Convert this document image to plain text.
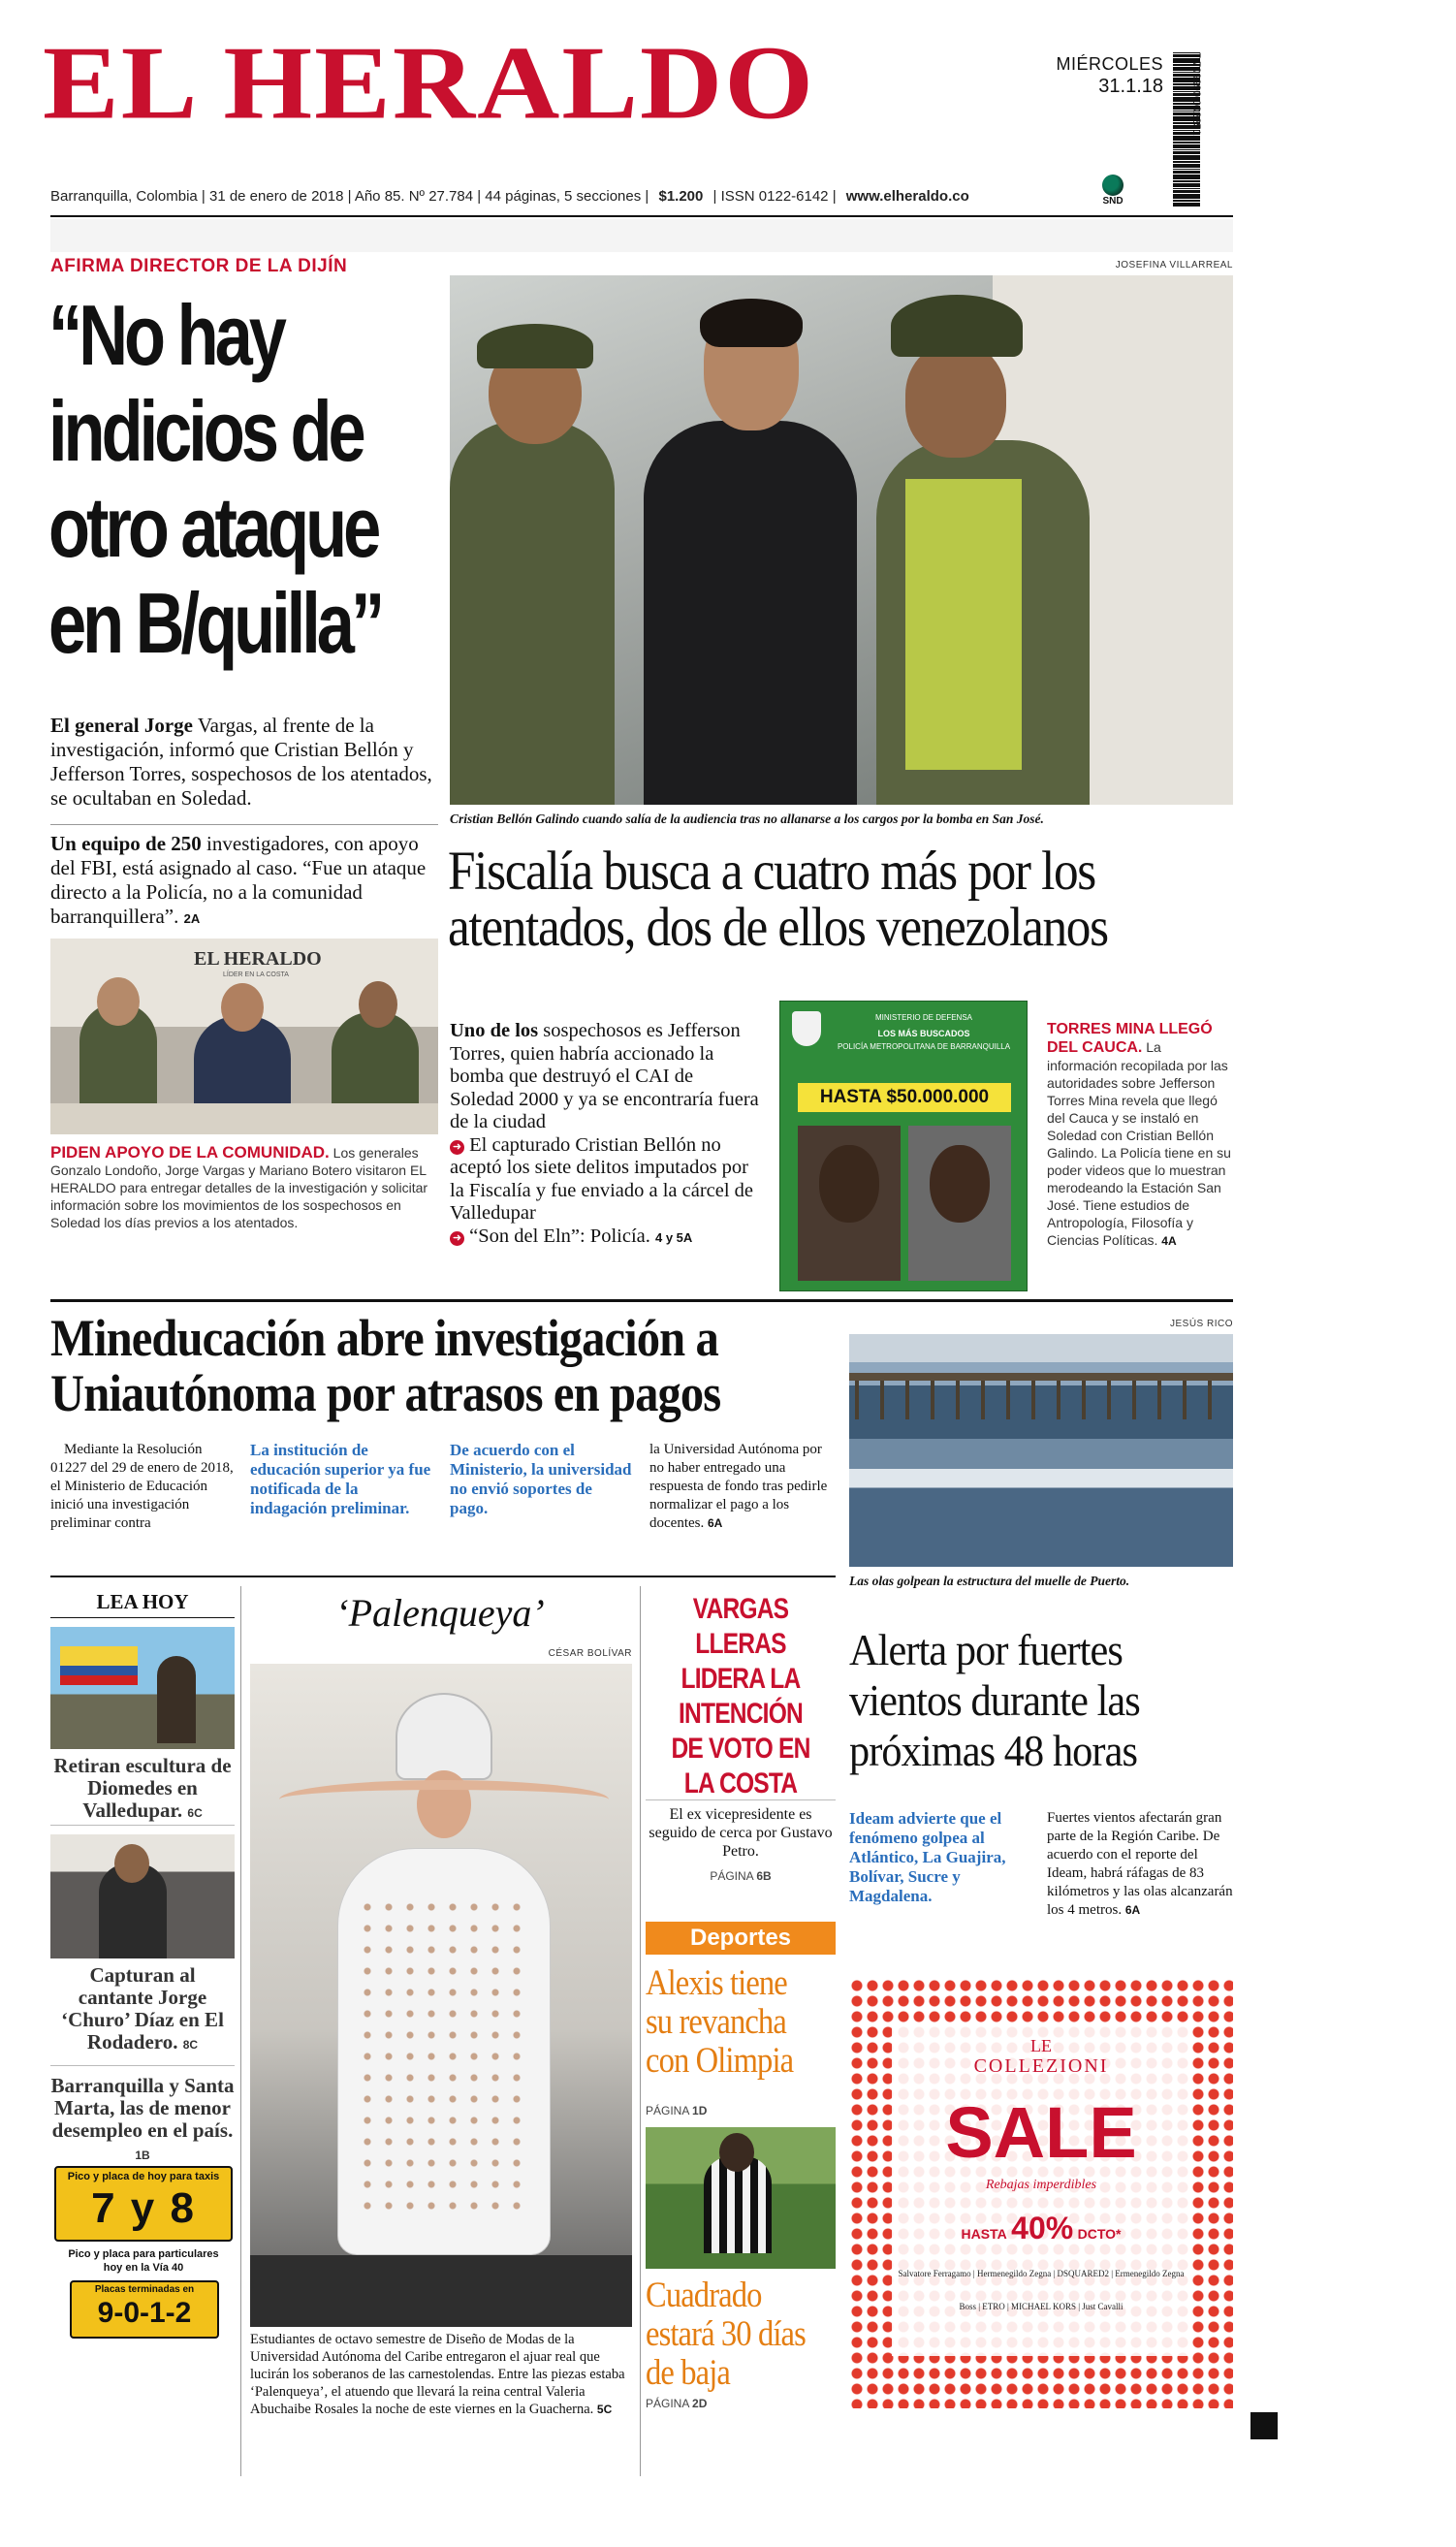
EL HERALDO	MIÉRCOLES
31.1.18	7 709990 002251
Barranquilla, Colombia | 31 de enero de 2018 | Año 85. Nº 27.784 | 44 páginas, 5 secciones | $1.200 | ISSN 0122-6142 | www.elheraldo.co	SND
AFIRMA DIRECTOR DE LA DIJÍN
“No hay
indicios de
otro ataque
en B/quilla”
El general Jorge Vargas, al frente de la investigación, informó que Cristian Bellón y Jefferson Torres, sospechosos de los atentados, se ocultaban en Soledad.
Un equipo de 250 investigadores, con apoyo del FBI, está asignado al caso. “Fue un ataque directo a la Policía, no a la comunidad barranquillera”. 2A
EL HERALDO
LÍDER EN LA COSTA
PIDEN APOYO DE LA COMUNIDAD. Los generales Gonzalo Londoño, Jorge Vargas y Mariano Botero visitaron EL HERALDO para entregar detalles de la investigación y solicitar información sobre los movimientos de los sospechosos en Soledad los días previos a los atentados.
JOSEFINA VILLARREAL
Cristian Bellón Galindo cuando salía de la audiencia tras no allanarse a los cargos por la bomba en San José.
Fiscalía busca a cuatro más por los atentados, dos de ellos venezolanos
Uno de los sospechosos es Jefferson Torres, quien habría accionado la bomba que destruyó el CAI de Soledad 2000 y ya se encontraría fuera de la ciudad
➜ El capturado Cristian Bellón no aceptó los siete delitos imputados por la Fiscalía y fue enviado a la cárcel de Valledupar
➜ “Son del Eln”: Policía. 4 y 5A
MINISTERIO DE DEFENSA
LOS MÁS BUSCADOS
POLICÍA METROPOLITANA DE BARRANQUILLA
HASTA $50.000.000
TORRES MINA LLEGÓ DEL CAUCA. La información recopilada por las autoridades sobre Jefferson Torres Mina revela que llegó del Cauca y se instaló en Soledad con Cristian Bellón Galindo. La Policía tiene en su poder videos que lo muestran merodeando la Estación San José. Tiene estudios de Antropología, Filosofía y Ciencias Políticas. 4A
Mineducación abre investigación a
Uniautónoma por atrasos en pagos
Mediante la Resolución 01227 del 29 de enero de 2018, el Ministerio de Educación inició una investigación preliminar contra
La institución de educación superior ya fue notificada de la indagación preliminar.
De acuerdo con el Ministerio, la universidad no envió soportes de pago.
la Universidad Autónoma por no haber entregado una respuesta de fondo tras pedirle normalizar el pago a los docentes. 6A
JESÚS RICO
Las olas golpean la estructura del muelle de Puerto.
LEA HOY
Retiran escultura de Diomedes en Valledupar. 6C
Capturan al cantante Jorge ‘Churo’ Díaz en El Rodadero. 8C
Barranquilla y Santa Marta, las de menor desempleo en el país. 1B
Pico y placa de hoy para taxis
7 y 8
Pico y placa para particulares hoy en la Vía 40
Placas terminadas en
9-0-1-2
‘Palenqueya’
CÉSAR BOLÍVAR
Estudiantes de octavo semestre de Diseño de Modas de la Universidad Autónoma del Caribe entregaron el ajuar real que lucirán los soberanos de las carnestolendas. Entre las piezas estaba ‘Palenqueya’, el atuendo que llevará la reina central Valeria Abuchaibe Rosales la noche de este viernes en la Guacherna. 5C
VARGAS LLERAS LIDERA LA INTENCIÓN DE VOTO EN LA COSTA
El ex vicepresidente es seguido de cerca por Gustavo Petro.
PÁGINA 6B
Deportes
Alexis tiene su revancha con Olimpia
PÁGINA 1D
Cuadrado estará 30 días de baja
PÁGINA 2D
Alerta por fuertes vientos durante las próximas 48 horas
Ideam advierte que el fenómeno golpea al Atlántico, La Guajira, Bolívar, Sucre y Magdalena.
Fuertes vientos afectarán gran parte de la Región Caribe. De acuerdo con el reporte del Ideam, habrá ráfagas de 83 kilómetros y las olas alcanzarán los 4 metros. 6A
LE
COLLEZIONI
SALE
Rebajas imperdibles
HASTA 40% DCTO*
Salvatore Ferragamo | Hermenegildo Zegna | DSQUARED2 | Ermenegildo Zegna
Boss | ETRO | MICHAEL KORS | Just Cavalli
